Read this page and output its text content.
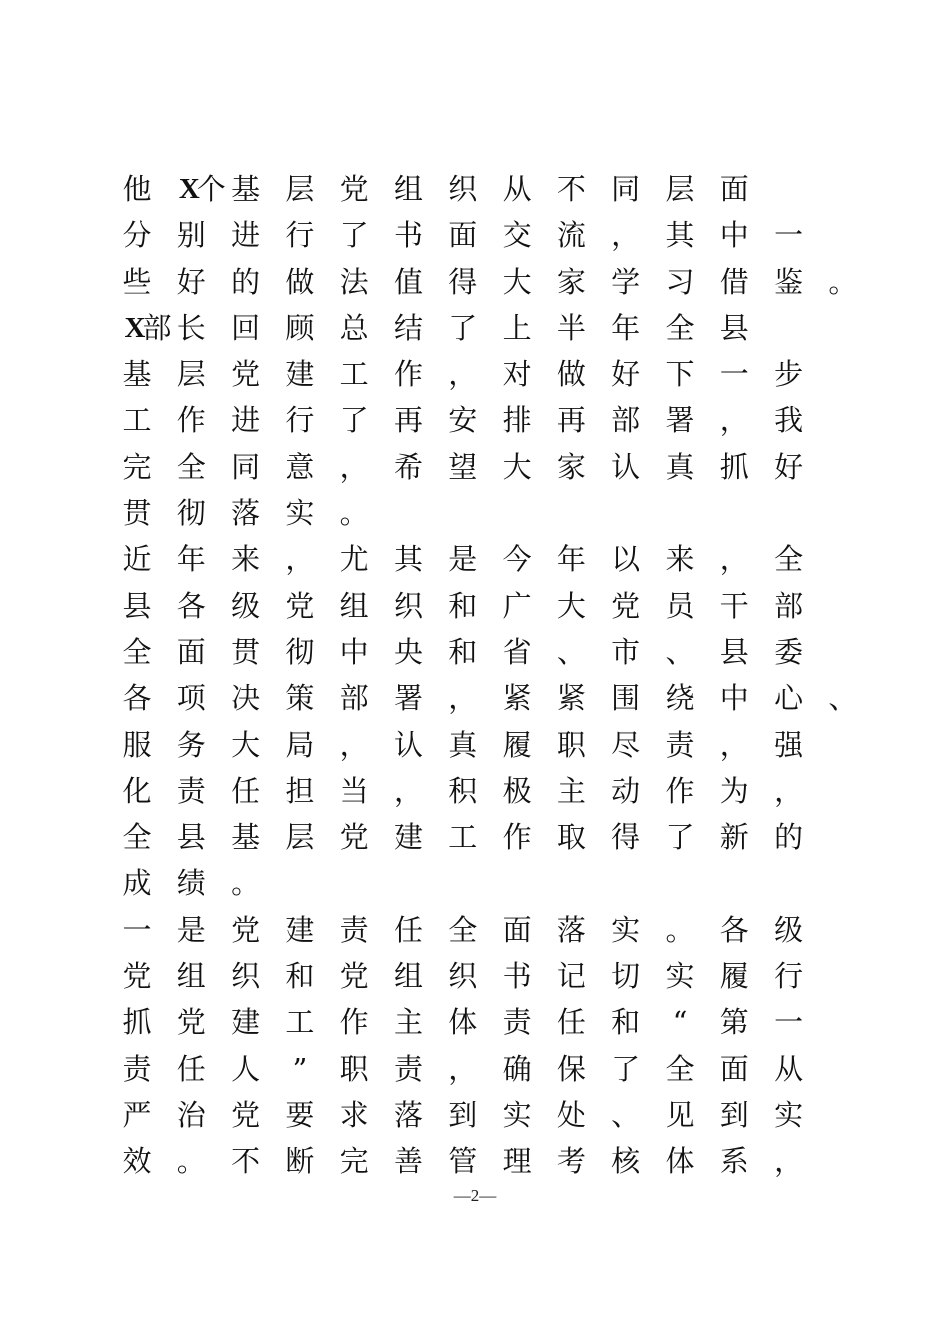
他 X
个 基 层 党 组 织 从 不 同 层 面
分 别 进 行 了 书 面 交 流 ， 其 中 一
些 好 的 做 法 值 得 大 家 学 习 借 鉴 。
X
部 长 回 顾 总 结 了 上 半 年 全 县
基 层 党 建 工 作 ， 对 做 好 下 一 步
工 作 进 行 了 再 安 排 再 部 署 ， 我
完 全 同 意 ， 希 望 大 家 认 真 抓 好
贯 彻 落 实 。
近 年 来 ， 尤 其 是 今 年 以 来 ， 全
县 各 级 党 组 织 和 广 大 党 员 干 部
全 面 贯 彻 中 央 和 省 、 市 、 县 委
各 项 决 策 部 署 ， 紧 紧 围 绕 中 心 、
服 务 大 局 ， 认 真 履 职 尽 责 ， 强
化 责 任 担 当 ， 积 极 主 动 作 为 ，
全 县 基 层 党 建 工 作 取 得 了 新 的
成 绩 。
一 是 党 建 责 任 全 面 落 实 。 各 级
党 组 织 和 党 组 织 书 记 切 实 履 行
抓 党 建 工 作 主 体 责 任 和	“	第 一
责 任 人	”	职 责 ， 确 保 了 全 面 从
严 治 党 要 求 落 到 实 处 、 见 到 实
效 。 不 断 完 善 管 理 考 核 体 系 ，
—2—
